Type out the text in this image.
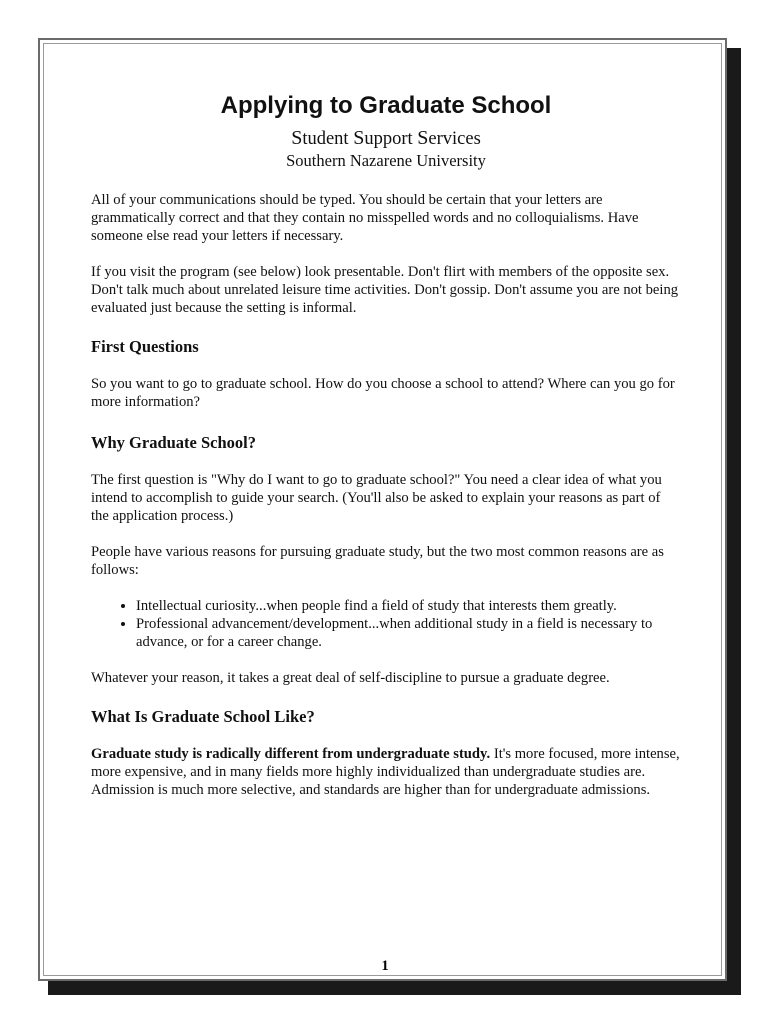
Applying to Graduate School
Student Support Services
Southern Nazarene University

All of your communications should be typed. You should be certain that your letters are grammatically correct and that they contain no misspelled words and no colloquialisms. Have someone else read your letters if necessary.

If you visit the program (see below) look presentable. Don't flirt with members of the opposite sex. Don't talk much about unrelated leisure time activities. Don't gossip. Don't assume you are not being evaluated just because the setting is informal.

First Questions

So you want to go to graduate school. How do you choose a school to attend? Where can you go for more information?

Why Graduate School?

The first question is "Why do I want to go to graduate school?" You need a clear idea of what you intend to accomplish to guide your search. (You'll also be asked to explain your reasons as part of the application process.)

People have various reasons for pursuing graduate study, but the two most common reasons are as follows:

• Intellectual curiosity...when people find a field of study that interests them greatly.
• Professional advancement/development...when additional study in a field is necessary to advance, or for a career change.

Whatever your reason, it takes a great deal of self-discipline to pursue a graduate degree.

What Is Graduate School Like?

Graduate study is radically different from undergraduate study. It's more focused, more intense, more expensive, and in many fields more highly individualized than undergraduate studies are. Admission is much more selective, and standards are higher than for undergraduate admissions.

1
